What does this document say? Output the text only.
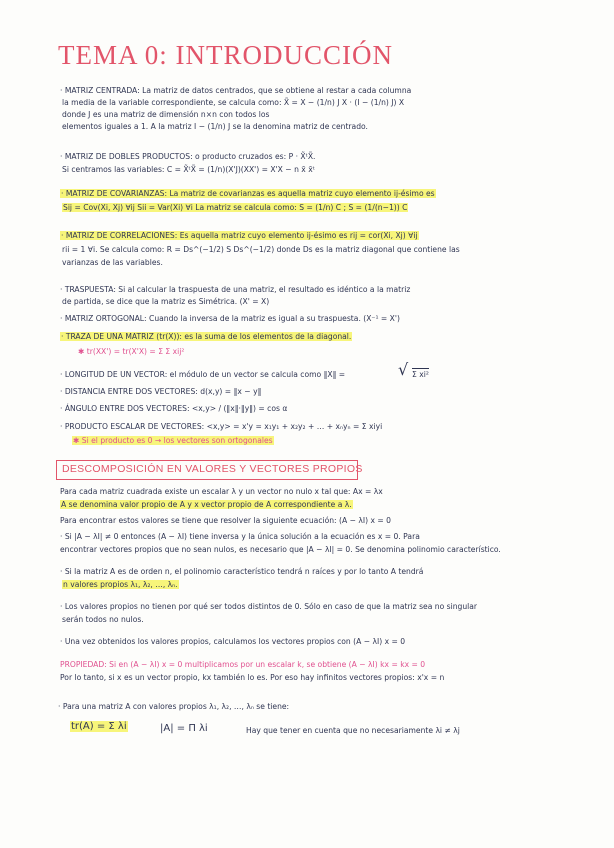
TEMA 0: INTRODUCCIÓN
· MATRIZ CENTRADA: La matriz de datos centrados, que se obtiene al restar a cada columna
la media de la variable correspondiente, se calcula como: X̃ = X − (1/n) J X · (I − (1/n) J) X
donde J es una matriz de dimensión n×n con todos los
elementos iguales a 1. A la matriz I − (1/n) J se la denomina matriz de centrado.
· MATRIZ DE DOBLES PRODUCTOS: o producto cruzados es: P · X̃ᵗX̃.
Si centramos las variables: C = X̃ᵗX̃ = (1/n)(X'J)(XX') = X'X − n x̄ x̄ᵗ
· MATRIZ DE COVARIANZAS: La matriz de covarianzas es aquella matriz cuyo elemento ij-ésimo es
Sij = Cov(Xi, Xj) ∀ij Sii = Var(Xi) ∀i La matriz se calcula como: S = (1/n) C ; S = (1/(n−1)) C
· MATRIZ DE CORRELACIONES: Es aquella matriz cuyo elemento ij-ésimo es rij = cor(Xi, Xj) ∀ij
rii = 1 ∀i. Se calcula como: R = Ds^(−1/2) S Ds^(−1/2) donde Ds es la matriz diagonal que contiene las
varianzas de las variables.
· TRASPUESTA: Si al calcular la traspuesta de una matriz, el resultado es idéntico a la matriz
de partida, se dice que la matriz es Simétrica. (X' = X)
· MATRIZ ORTOGONAL: Cuando la inversa de la matriz es igual a su traspuesta. (X⁻¹ = X')
· TRAZA DE UNA MATRIZ (tr(X)): es la suma de los elementos de la diagonal.
✱ tr(XX') = tr(X'X) = Σ Σ xij²
· LONGITUD DE UN VECTOR: el módulo de un vector se calcula como ‖X‖ =	√ Σ xi²
· DISTANCIA ENTRE DOS VECTORES: d(x,y) = ‖x − y‖
· ÁNGULO ENTRE DOS VECTORES: <x,y> / (‖x‖·‖y‖) = cos α
· PRODUCTO ESCALAR DE VECTORES: <x,y> = x'y = x₁y₁ + x₂y₂ + … + xₙyₙ = Σ xiyi
✱ Si el producto es 0 → los vectores son ortogonales
DESCOMPOSICIÓN EN VALORES Y VECTORES PROPIOS
Para cada matriz cuadrada existe un escalar λ y un vector no nulo x tal que: Ax = λx
A se denomina valor propio de A y x vector propio de A correspondiente a λ.
Para encontrar estos valores se tiene que resolver la siguiente ecuación: (A − λI) x = 0
· Si |A − λI| ≠ 0 entonces (A − λI) tiene inversa y la única solución a la ecuación es x = 0. Para
encontrar vectores propios que no sean nulos, es necesario que |A − λI| = 0. Se denomina polinomio característico.
· Si la matriz A es de orden n, el polinomio característico tendrá n raíces y por lo tanto A tendrá
n valores propios λ₁, λ₂, …, λₙ.
· Los valores propios no tienen por qué ser todos distintos de 0. Sólo en caso de que la matriz sea no singular
serán todos no nulos.
· Una vez obtenidos los valores propios, calculamos los vectores propios con (A − λI) x = 0
PROPIEDAD: Si en (A − λI) x = 0 multiplicamos por un escalar k, se obtiene (A − λI) kx = kx = 0
Por lo tanto, si x es un vector propio, kx también lo es. Por eso hay infinitos vectores propios: x'x = n
· Para una matriz A con valores propios λ₁, λ₂, …, λₙ se tiene:
tr(A) = Σ λi	|A| = Π λi	Hay que tener en cuenta que no necesariamente λi ≠ λj
